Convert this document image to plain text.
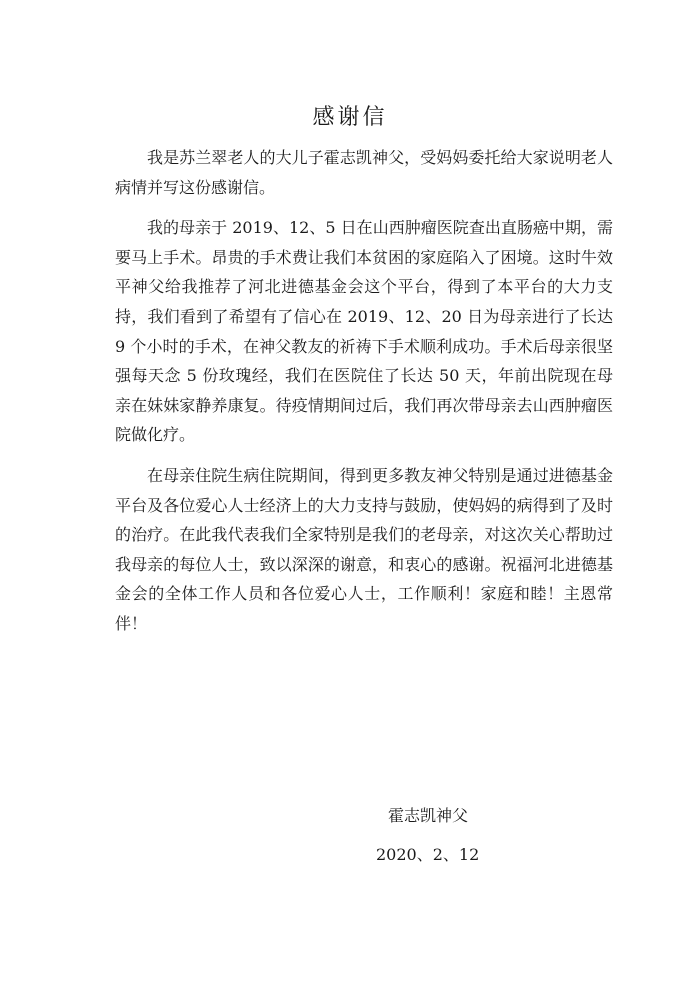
感谢信

我是苏兰翠老人的大儿子霍志凯神父，受妈妈委托给大家说明老人病情并写这份感谢信。

我的母亲于 2019、12、5 日在山西肿瘤医院查出直肠癌中期，需要马上手术。昂贵的手术费让我们本贫困的家庭陷入了困境。这时牛效平神父给我推荐了河北进德基金会这个平台，得到了本平台的大力支持，我们看到了希望有了信心在 2019、12、20 日为母亲进行了长达 9 个小时的手术，在神父教友的祈祷下手术顺利成功。手术后母亲很坚强每天念 5 份玫瑰经，我们在医院住了长达 50 天，年前出院现在母亲在妹妹家静养康复。待疫情期间过后，我们再次带母亲去山西肿瘤医院做化疗。

在母亲住院生病住院期间，得到更多教友神父特别是通过进德基金平台及各位爱心人士经济上的大力支持与鼓励，使妈妈的病得到了及时的治疗。在此我代表我们全家特别是我们的老母亲，对这次关心帮助过我母亲的每位人士，致以深深的谢意，和衷心的感谢。祝福河北进德基金会的全体工作人员和各位爱心人士，工作顺利！家庭和睦！主恩常伴！

霍志凯神父
2020、2、12
